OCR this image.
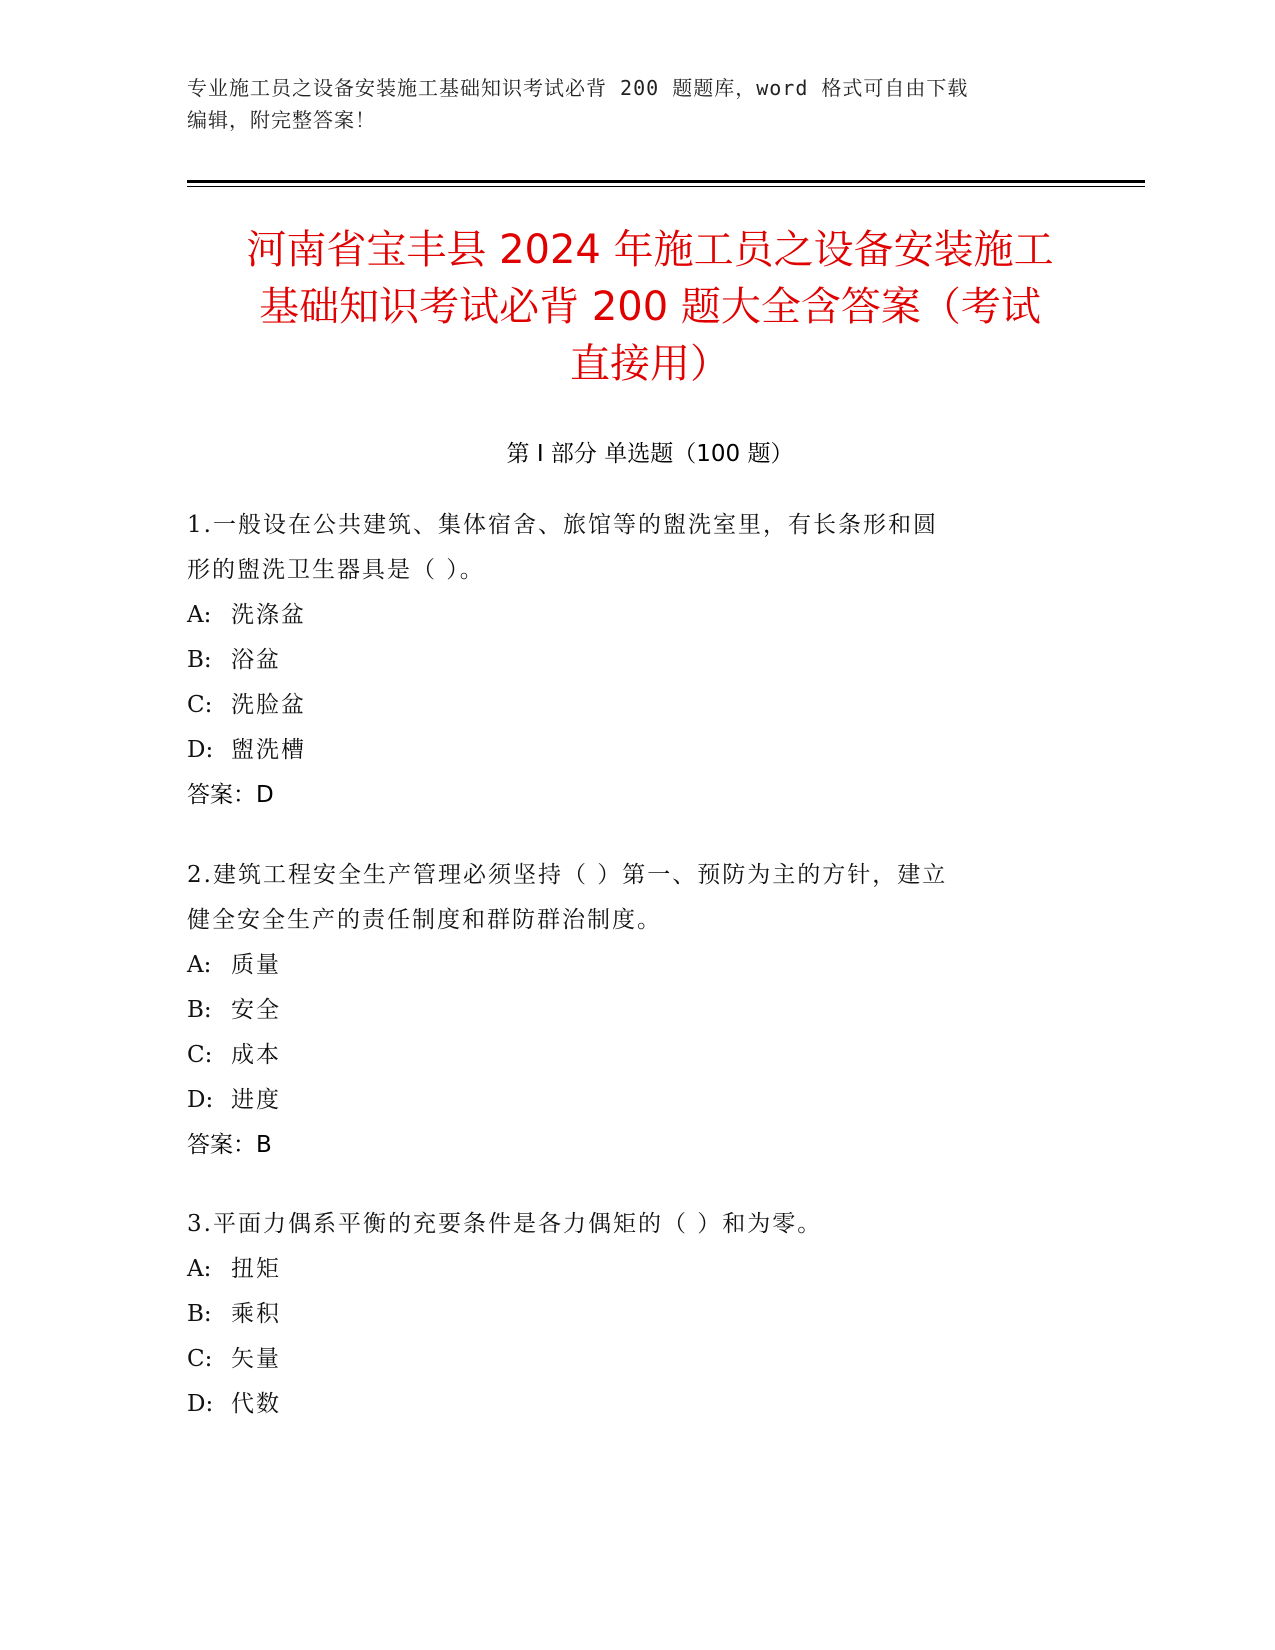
专业施工员之设备安装施工基础知识考试必背 200 题题库，word 格式可自由下载
编辑，附完整答案！
河南省宝丰县 2024 年施工员之设备安装施工
基础知识考试必背 200 题大全含答案（考试
直接用）
第 I 部分 单选题（100 题）
1.一般设在公共建筑、集体宿舍、旅馆等的盥洗室里，有长条形和圆
形的盥洗卫生器具是（ ）。
A: 洗涤盆
B: 浴盆
C: 洗脸盆
D: 盥洗槽
答案：D
2.建筑工程安全生产管理必须坚持（ ）第一、预防为主的方针，建立
健全安全生产的责任制度和群防群治制度。
A: 质量
B: 安全
C: 成本
D: 进度
答案：B
3.平面力偶系平衡的充要条件是各力偶矩的（ ）和为零。
A: 扭矩
B: 乘积
C: 矢量
D: 代数
